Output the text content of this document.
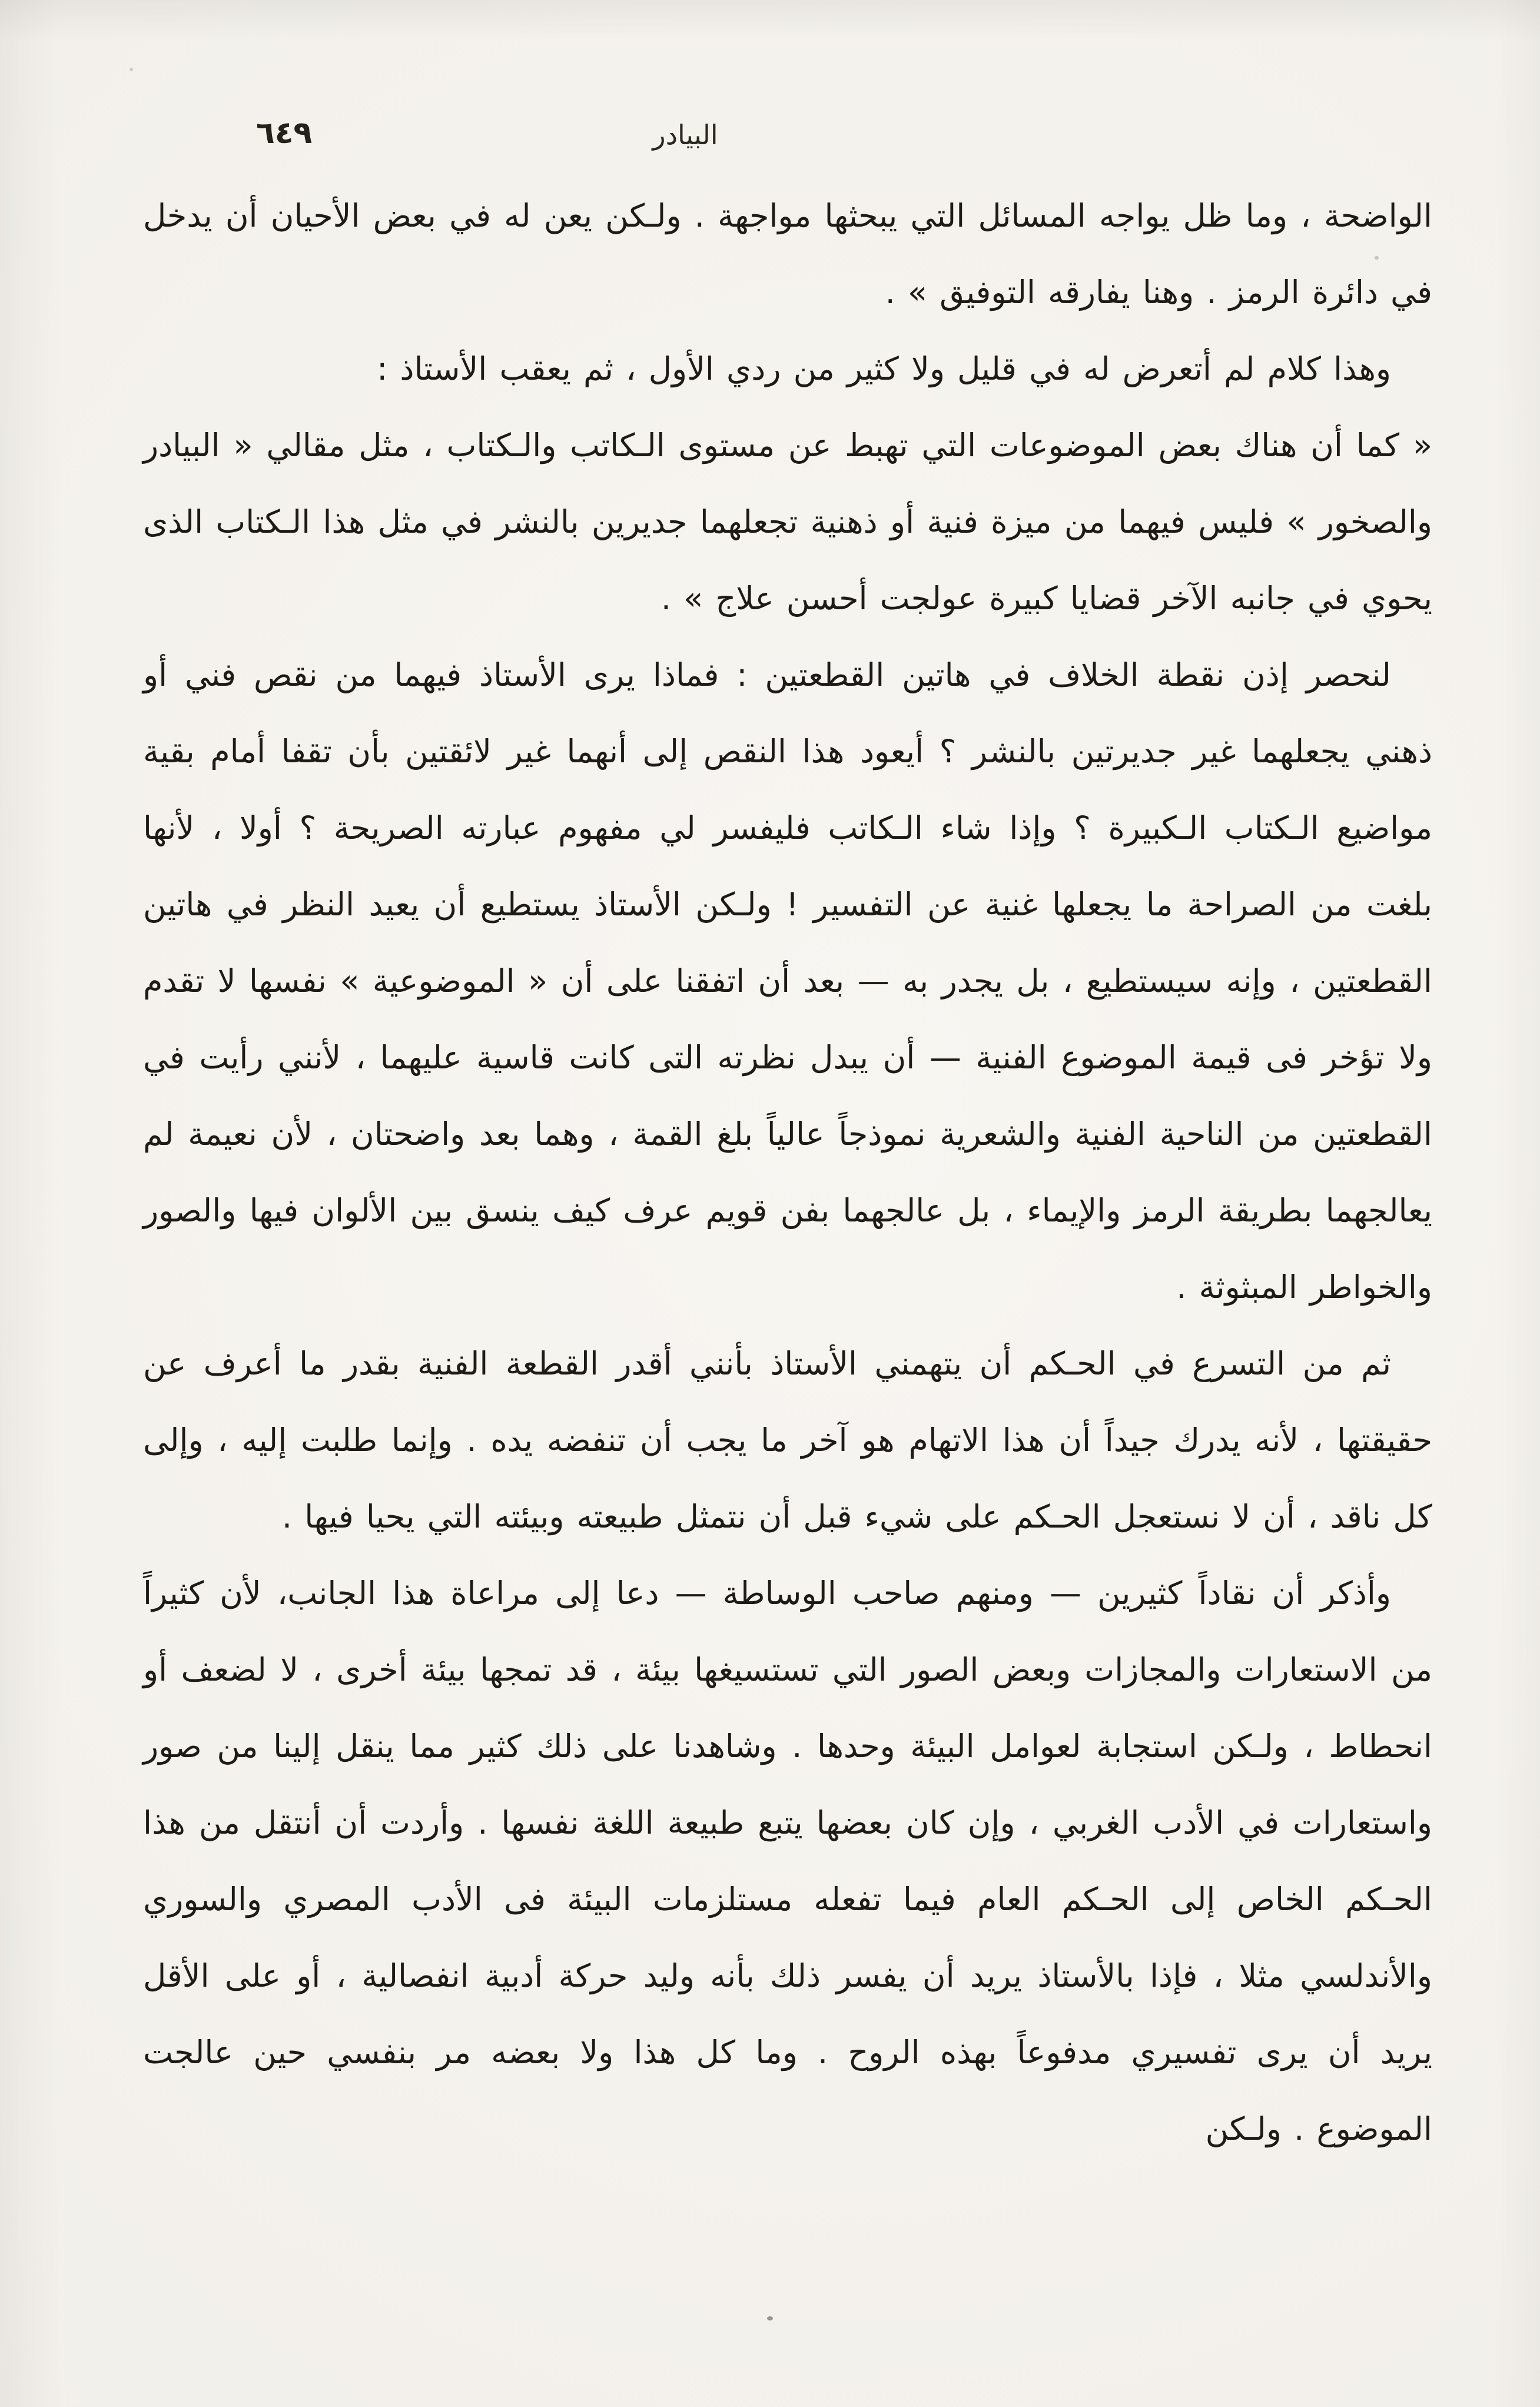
٦٤٩	البيادر

الواضحة ، وما ظل يواجه المسائل التي يبحثها مواجهة . ولـكن يعن له في بعض الأحيان أن يدخل في دائرة الرمز . وهنا يفارقه التوفيق » .

وهذا كلام لم أتعرض له في قليل ولا كثير من ردي الأول ، ثم يعقب الأستاذ :

« كما أن هناك بعض الموضوعات التي تهبط عن مستوى الـكاتب والـكتاب ، مثل مقالي « البيادر والصخور » فليس فيهما من ميزة فنية أو ذهنية تجعلهما جديرين بالنشر في مثل هذا الـكتاب الذى يحوي في جانبه الآخر قضايا كبيرة عولجت أحسن علاج » .

لنحصر إذن نقطة الخلاف في هاتين القطعتين : فماذا يرى الأستاذ فيهما من نقص فني أو ذهني يجعلهما غير جديرتين بالنشر ؟ أيعود هذا النقص إلى أنهما غير لائقتين بأن تقفا أمام بقية مواضيع الـكتاب الـكبيرة ؟ وإذا شاء الـكاتب فليفسر لي مفهوم عبارته الصريحة ؟ أولا ، لأنها بلغت من الصراحة ما يجعلها غنية عن التفسير ! ولـكن الأستاذ يستطيع أن يعيد النظر في هاتين القطعتين ، وإنه سيستطيع ، بل يجدر به — بعد أن اتفقنا على أن « الموضوعية » نفسها لا تقدم ولا تؤخر فى قيمة الموضوع الفنية — أن يبدل نظرته التى كانت قاسية عليهما ، لأنني رأيت في القطعتين من الناحية الفنية والشعرية نموذجاً عالياً بلغ القمة ، وهما بعد واضحتان ، لأن نعيمة لم يعالجهما بطريقة الرمز والإيماء ، بل عالجهما بفن قويم عرف كيف ينسق بين الألوان فيها والصور والخواطر المبثوثة .

ثم من التسرع في الحـكم أن يتهمني الأستاذ بأنني أقدر القطعة الفنية بقدر ما أعرف عن حقيقتها ، لأنه يدرك جيداً أن هذا الاتهام هو آخر ما يجب أن تنفضه يده . وإنما طلبت إليه ، وإلى كل ناقد ، أن لا نستعجل الحـكم على شيء قبل أن نتمثل طبيعته وبيئته التي يحيا فيها .

وأذكر أن نقاداً كثيرين — ومنهم صاحب الوساطة — دعا إلى مراعاة هذا الجانب، لأن كثيراً من الاستعارات والمجازات وبعض الصور التي تستسيغها بيئة ، قد تمجها بيئة أخرى ، لا لضعف أو انحطاط ، ولـكن استجابة لعوامل البيئة وحدها . وشاهدنا على ذلك كثير مما ينقل إلينا من صور واستعارات في الأدب الغربي ، وإن كان بعضها يتبع طبيعة اللغة نفسها . وأردت أن أنتقل من هذا الحـكم الخاص إلى الحـكم العام فيما تفعله مستلزمات البيئة فى الأدب المصري والسوري والأندلسي مثلا ، فإذا بالأستاذ يريد أن يفسر ذلك بأنه وليد حركة أدبية انفصالية ، أو على الأقل يريد أن يرى تفسيري مدفوعاً بهذه الروح . وما كل هذا ولا بعضه مر بنفسي حين عالجت الموضوع . ولـكن
